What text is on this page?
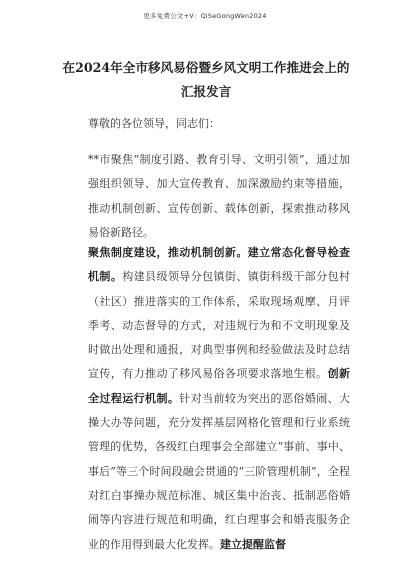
更多免费公文+V：QiSeGongWen2024
在2024年全市移风易俗暨乡风文明工作推进会上的汇报发言
尊敬的各位领导，同志们：
**市聚焦“制度引路、教育引导、文明引领”，通过加强组织领导、加大宣传教育、加深激励约束等措施，推动机制创新、宣传创新、载体创新，探索推动移风易俗新路径。
聚焦制度建设，推动机制创新。建立常态化督导检查机制。构建县级领导分包镇街、镇街科级干部分包村（社区）推进落实的工作体系，采取现场观摩、月评季考、动态督导的方式，对违规行为和不文明现象及时做出处理和通报，对典型事例和经验做法及时总结宣传，有力推动了移风易俗各项要求落地生根。创新全过程运行机制。针对当前较为突出的恶俗婚闹、大操大办等问题，充分发挥基层网格化管理和行业系统管理的优势，各级红白理事会全部建立“事前、事中、事后”等三个时间段融会贯通的“三阶管理机制”，全程对红白事操办规范标准、城区集中治丧、抵制恶俗婚闹等内容进行规范和明确，红白理事会和婚丧服务企业的作用得到最大化发挥。建立提醒监督
